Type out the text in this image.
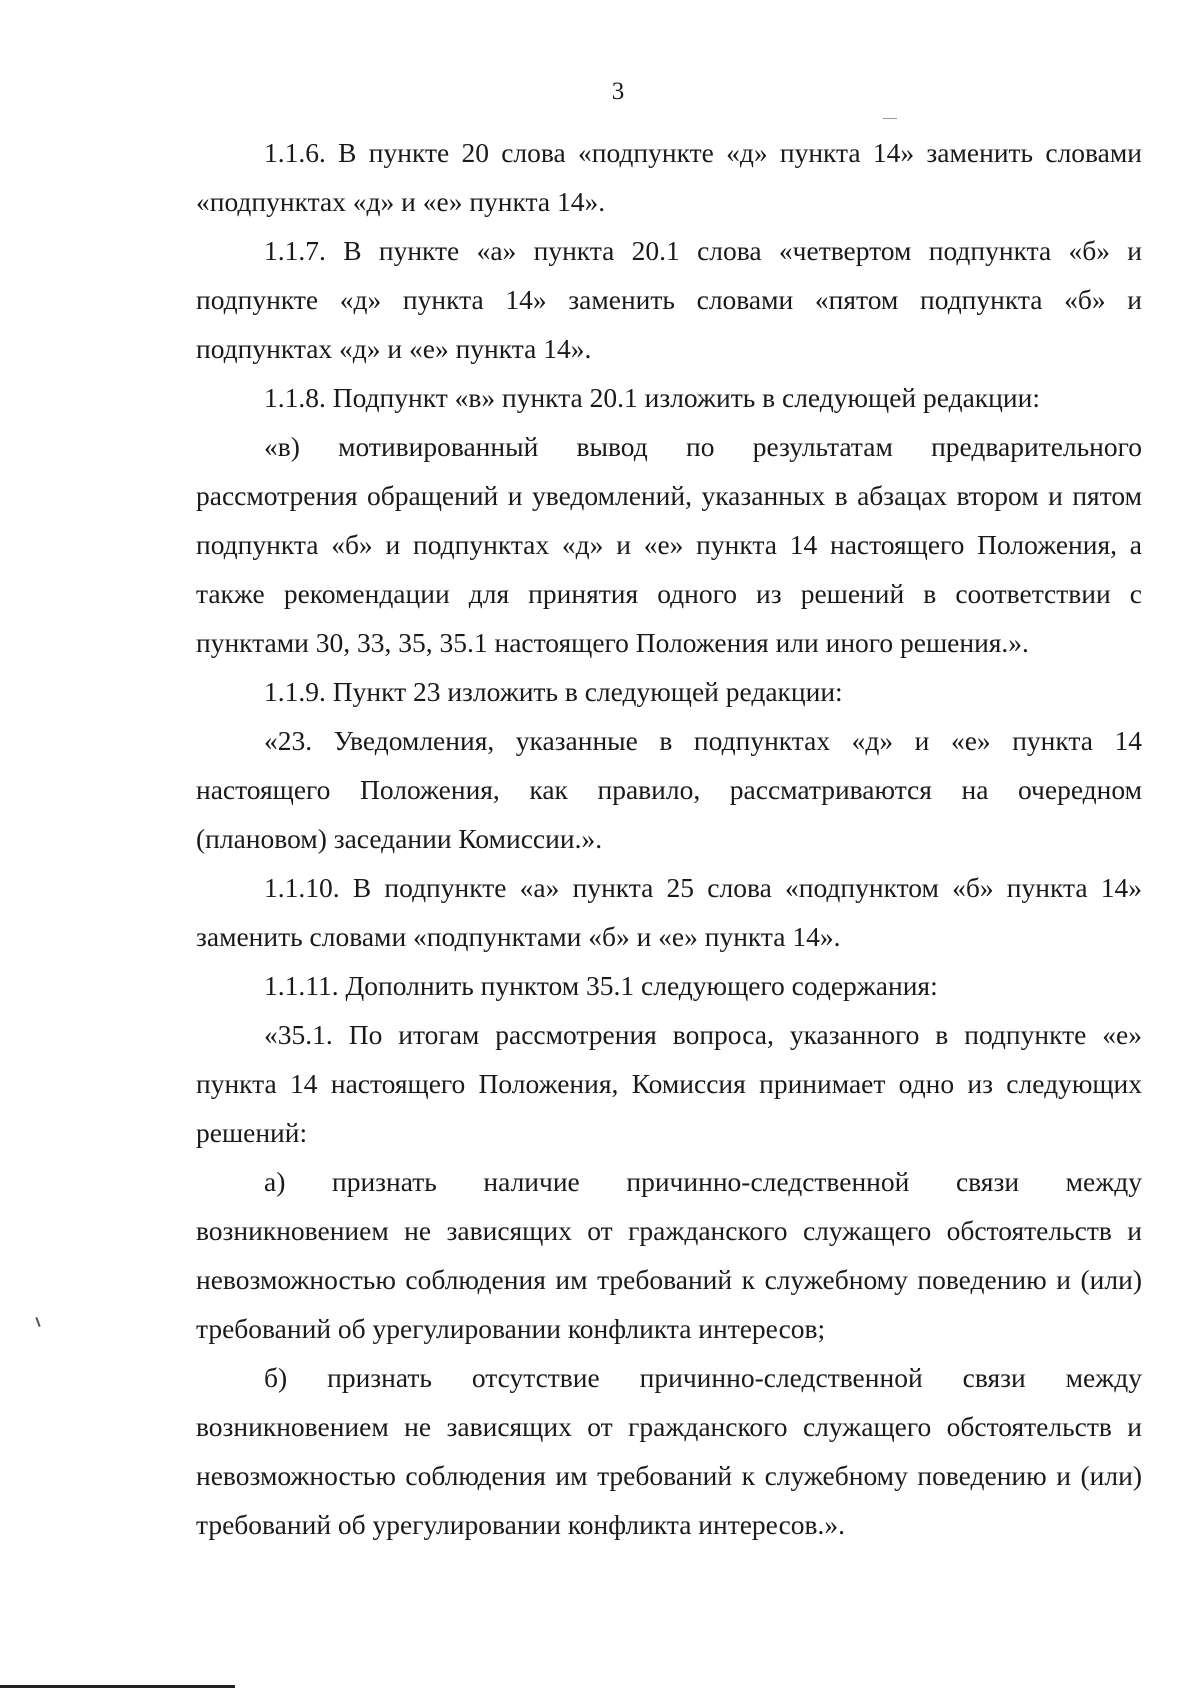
3

1.1.6. В пункте 20 слова «подпункте «д» пункта 14» заменить словами «подпунктах «д» и «е» пункта 14».

1.1.7. В пункте «а» пункта 20.1 слова «четвертом подпункта «б» и подпункте «д» пункта 14» заменить словами «пятом подпункта «б» и подпунктах «д» и «е» пункта 14».

1.1.8. Подпункт «в» пункта 20.1 изложить в следующей редакции:

«в) мотивированный вывод по результатам предварительного рассмотрения обращений и уведомлений, указанных в абзацах втором и пятом подпункта «б» и подпунктах «д» и «е» пункта 14 настоящего Положения, а также рекомендации для принятия одного из решений в соответствии с пунктами 30, 33, 35, 35.1 настоящего Положения или иного решения.».

1.1.9. Пункт 23 изложить в следующей редакции:

«23. Уведомления, указанные в подпунктах «д» и «е» пункта 14 настоящего Положения, как правило, рассматриваются на очередном (плановом) заседании Комиссии.».

1.1.10. В подпункте «а» пункта 25 слова «подпунктом «б» пункта 14» заменить словами «подпунктами «б» и «е» пункта 14».

1.1.11. Дополнить пунктом 35.1 следующего содержания:

«35.1. По итогам рассмотрения вопроса, указанного в подпункте «е» пункта 14 настоящего Положения, Комиссия принимает одно из следующих решений:

а) признать наличие причинно-следственной связи между возникновением не зависящих от гражданского служащего обстоятельств и невозможностью соблюдения им требований к служебному поведению и (или) требований об урегулировании конфликта интересов;

б) признать отсутствие причинно-следственной связи между возникновением не зависящих от гражданского служащего обстоятельств и невозможностью соблюдения им требований к служебному поведению и (или) требований об урегулировании конфликта интересов.».
